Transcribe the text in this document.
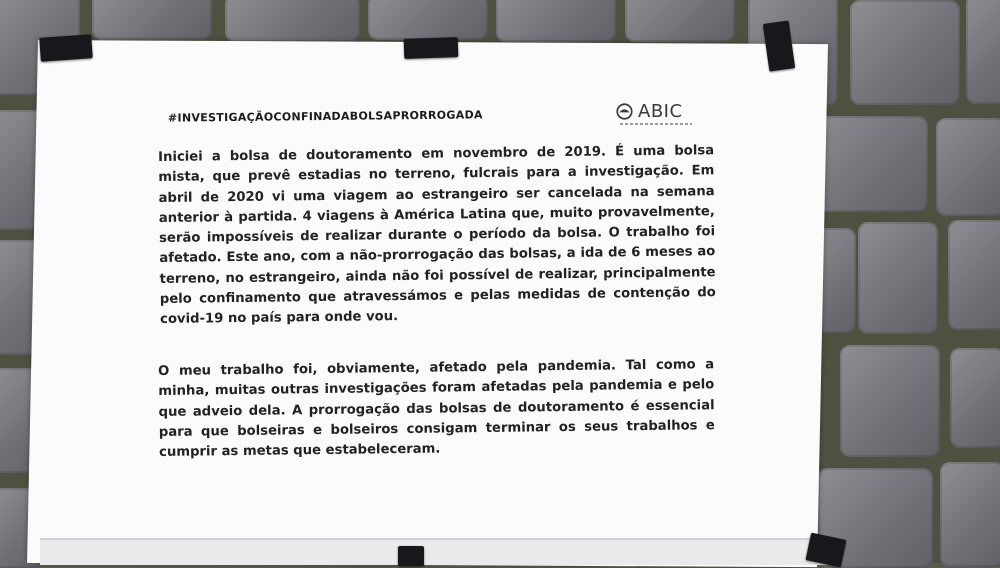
#INVESTIGAÇÃOCONFINADABOLSAPRORROGADA	ABIC
Iniciei a bolsa de doutoramento em novembro de 2019. É uma bolsa mista, que prevê estadias no terreno, fulcrais para a investigação. Em abril de 2020 vi uma viagem ao estrangeiro ser cancelada na semana anterior à partida. 4 viagens à América Latina que, muito provavelmente, serão impossíveis de realizar durante o período da bolsa. O trabalho foi afetado. Este ano, com a não-prorrogação das bolsas, a ida de 6 meses ao terreno, no estrangeiro, ainda não foi possível de realizar, principalmente pelo confinamento que atravessámos e pelas medidas de contenção do covid-19 no país para onde vou.
O meu trabalho foi, obviamente, afetado pela pandemia. Tal como a minha, muitas outras investigações foram afetadas pela pandemia e pelo que adveio dela. A prorrogação das bolsas de doutoramento é essencial para que bolseiras e bolseiros consigam terminar os seus trabalhos e cumprir as metas que estabeleceram.
